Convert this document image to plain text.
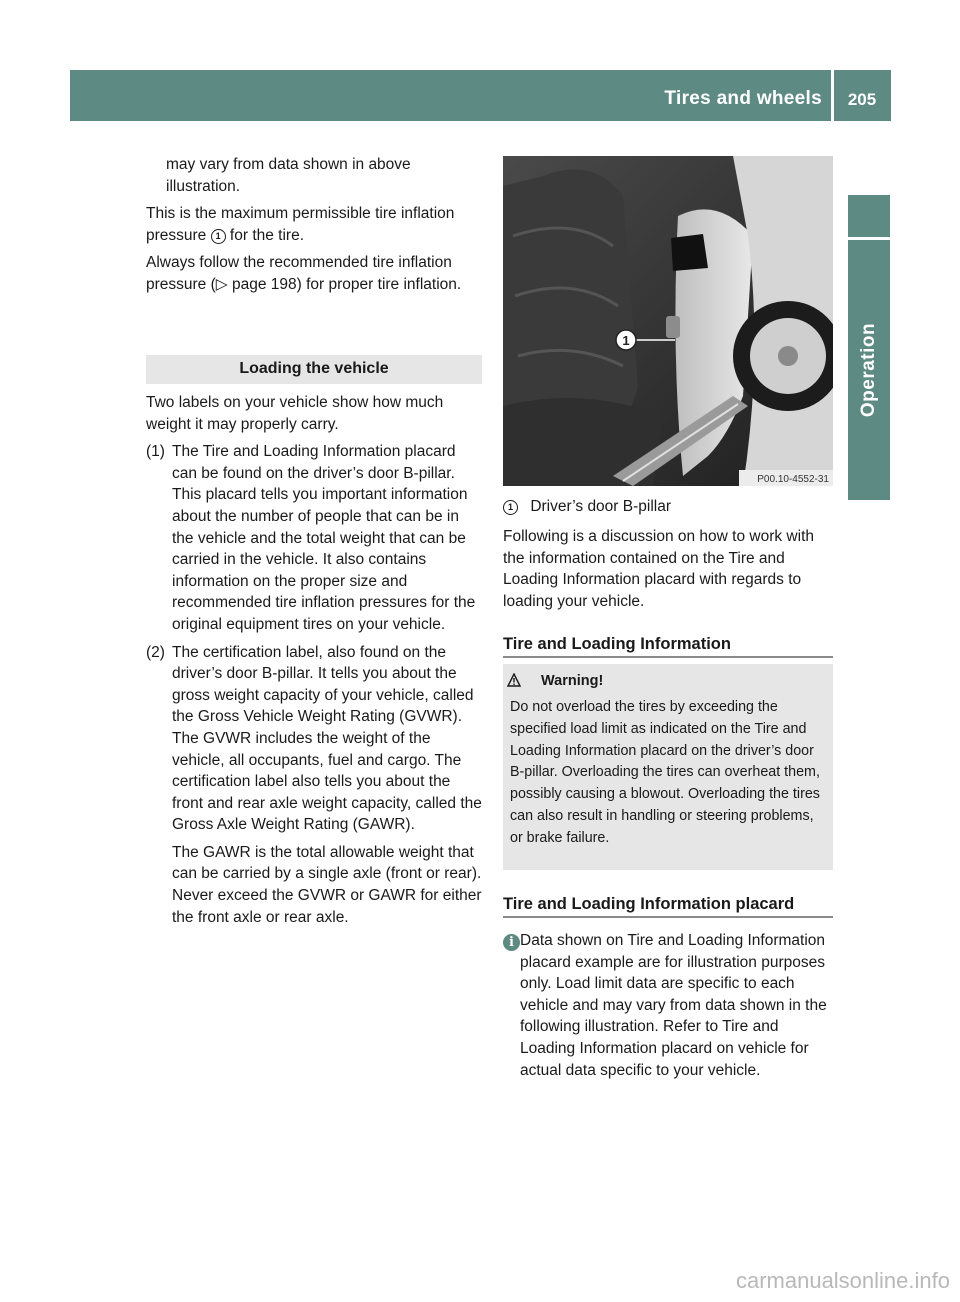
Tires and wheels	205
Operation

may vary from data shown in above illustration.

This is the maximum permissible tire inflation pressure 1 for the tire.

Always follow the recommended tire inflation pressure (▷ page 198) for proper tire inflation.

Loading the vehicle

Two labels on your vehicle show how much weight it may properly carry.

(1) The Tire and Loading Information placard can be found on the driver’s door B-pillar. This placard tells you important information about the number of people that can be in the vehicle and the total weight that can be carried in the vehicle. It also contains information on the proper size and recommended tire inflation pressures for the original equipment tires on your vehicle.
(2) The certification label, also found on the driver’s door B-pillar. It tells you about the gross weight capacity of your vehicle, called the Gross Vehicle Weight Rating (GVWR). The GVWR includes the weight of the vehicle, all occupants, fuel and cargo. The certification label also tells you about the front and rear axle weight capacity, called the Gross Axle Weight Rating (GAWR).
The GAWR is the total allowable weight that can be carried by a single axle (front or rear). Never exceed the GVWR or GAWR for either the front axle or rear axle.
1
P00.10-4552-31
1 Driver’s door B-pillar
Following is a discussion on how to work with the information contained on the Tire and Loading Information placard with regards to loading your vehicle.
Tire and Loading Information
Warning!
Do not overload the tires by exceeding the specified load limit as indicated on the Tire and Loading Information placard on the driver’s door B-pillar. Overloading the tires can overheat them, possibly causing a blowout. Overloading the tires can also result in handling or steering problems, or brake failure.
Tire and Loading Information placard
i Data shown on Tire and Loading Information placard example are for illustration purposes only. Load limit data are specific to each vehicle and may vary from data shown in the following illustration. Refer to Tire and Loading Information placard on vehicle for actual data specific to your vehicle.
carmanualsonline.info
